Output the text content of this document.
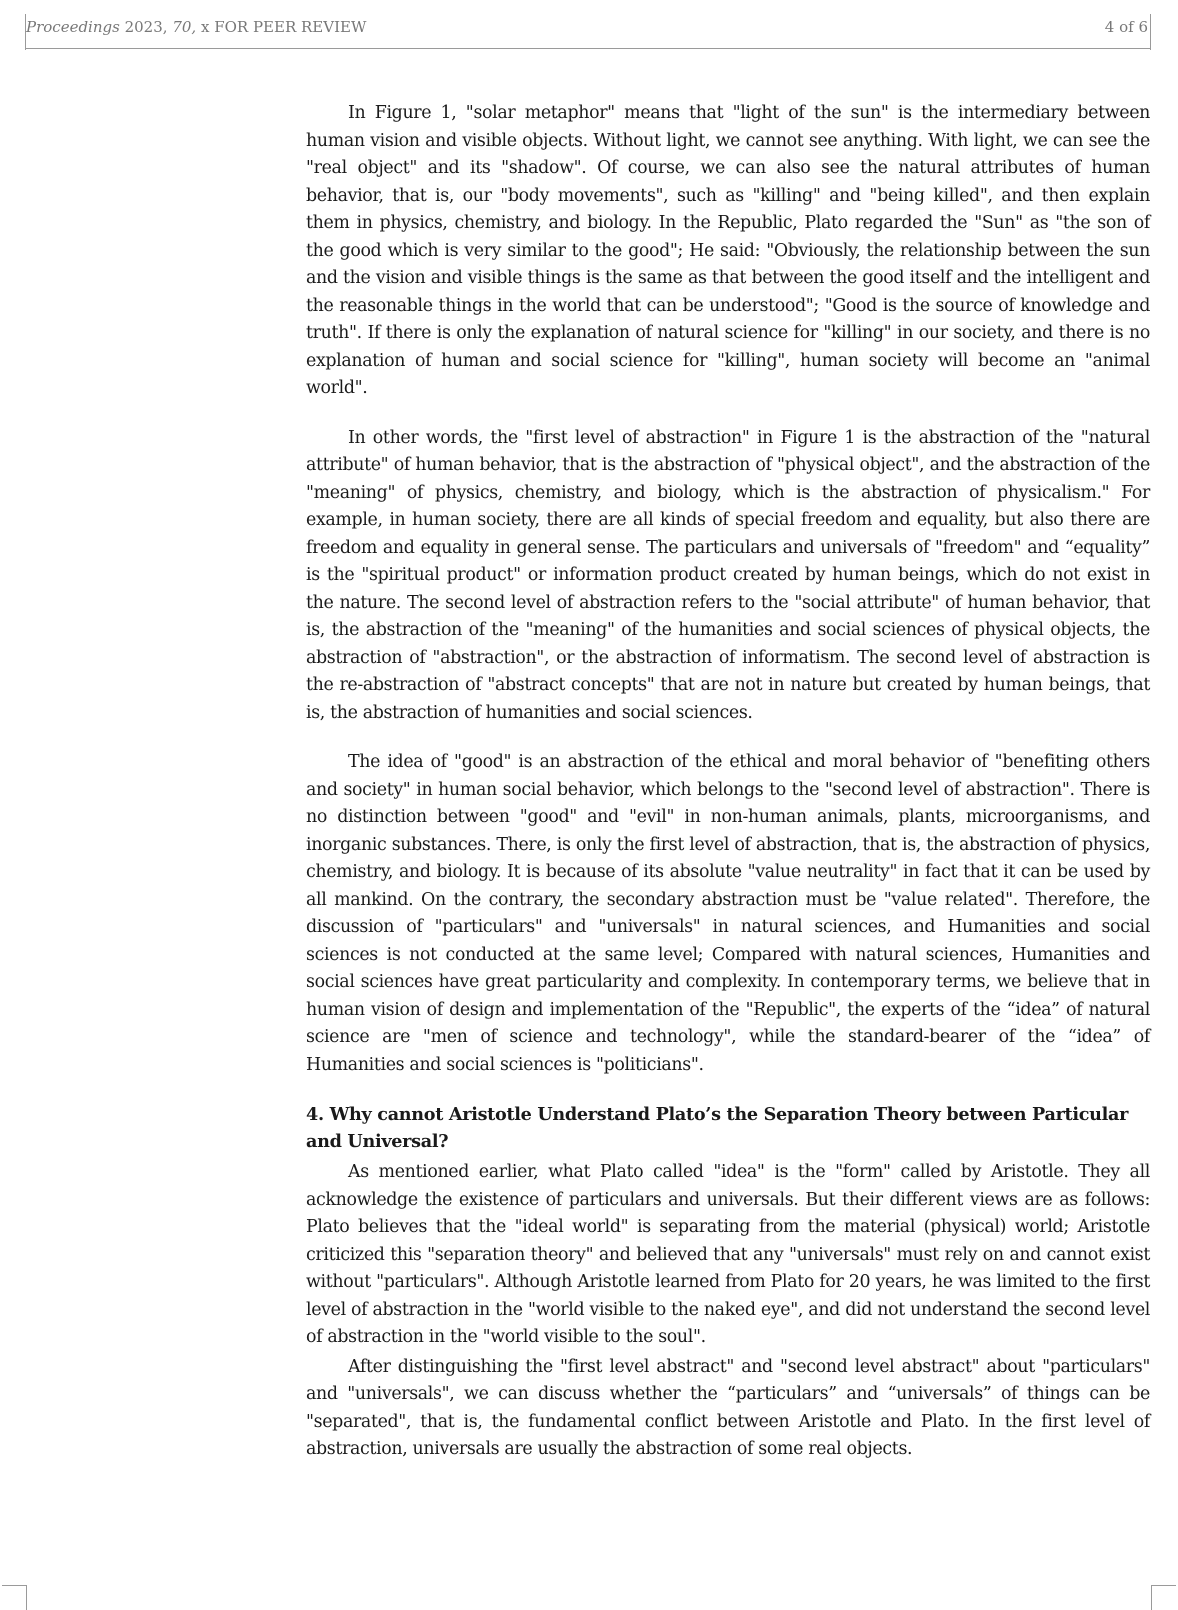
Proceedings 2023, 70, x FOR PEER REVIEW	4 of 6

In Figure 1, "solar metaphor" means that "light of the sun" is the intermediary between human vision and visible objects. Without light, we cannot see anything. With light, we can see the "real object" and its "shadow". Of course, we can also see the natural attributes of human behavior, that is, our "body movements", such as "killing" and "being killed", and then explain them in physics, chemistry, and biology. In the Republic, Plato regarded the "Sun" as "the son of the good which is very similar to the good"; He said: "Obviously, the relationship between the sun and the vision and visible things is the same as that between the good itself and the intelligent and the reasonable things in the world that can be understood"; "Good is the source of knowledge and truth". If there is only the explanation of natural science for "killing" in our society, and there is no explanation of human and social science for "killing", human society will become an "animal world".

In other words, the "first level of abstraction" in Figure 1 is the abstraction of the "natural attribute" of human behavior, that is the abstraction of "physical object", and the abstraction of the "meaning" of physics, chemistry, and biology, which is the abstraction of physicalism." For example, in human society, there are all kinds of special freedom and equality, but also there are freedom and equality in general sense. The particulars and universals of "freedom" and “equality” is the "spiritual product" or information product created by human beings, which do not exist in the nature. The second level of abstraction refers to the "social attribute" of human behavior, that is, the abstraction of the "meaning" of the humanities and social sciences of physical objects, the abstraction of "abstraction", or the abstraction of informatism. The second level of abstraction is the re-abstraction of "abstract concepts" that are not in nature but created by human beings, that is, the abstraction of humanities and social sciences.

The idea of "good" is an abstraction of the ethical and moral behavior of "benefiting others and society" in human social behavior, which belongs to the "second level of abstraction". There is no distinction between "good" and "evil" in non-human animals, plants, microorganisms, and inorganic substances. There, is only the first level of abstraction, that is, the abstraction of physics, chemistry, and biology. It is because of its absolute "value neutrality" in fact that it can be used by all mankind. On the contrary, the secondary abstraction must be "value related". Therefore, the discussion of "particulars" and "universals" in natural sciences, and Humanities and social sciences is not conducted at the same level; Compared with natural sciences, Humanities and social sciences have great particularity and complexity. In contemporary terms, we believe that in human vision of design and implementation of the "Republic", the experts of the “idea” of natural science are "men of science and technology", while the standard-bearer of the “idea” of Humanities and social sciences is "politicians".

4. Why cannot Aristotle Understand Plato’s the Separation Theory between Particular and Universal?

As mentioned earlier, what Plato called "idea" is the "form" called by Aristotle. They all acknowledge the existence of particulars and universals. But their different views are as follows: Plato believes that the "ideal world" is separating from the material (physical) world; Aristotle criticized this "separation theory" and believed that any "universals" must rely on and cannot exist without "particulars". Although Aristotle learned from Plato for 20 years, he was limited to the first level of abstraction in the "world visible to the naked eye", and did not understand the second level of abstraction in the "world visible to the soul".

After distinguishing the "first level abstract" and "second level abstract" about "particulars" and "universals", we can discuss whether the “particulars” and “universals” of things can be "separated", that is, the fundamental conflict between Aristotle and Plato. In the first level of abstraction, universals are usually the abstraction of some real objects.
